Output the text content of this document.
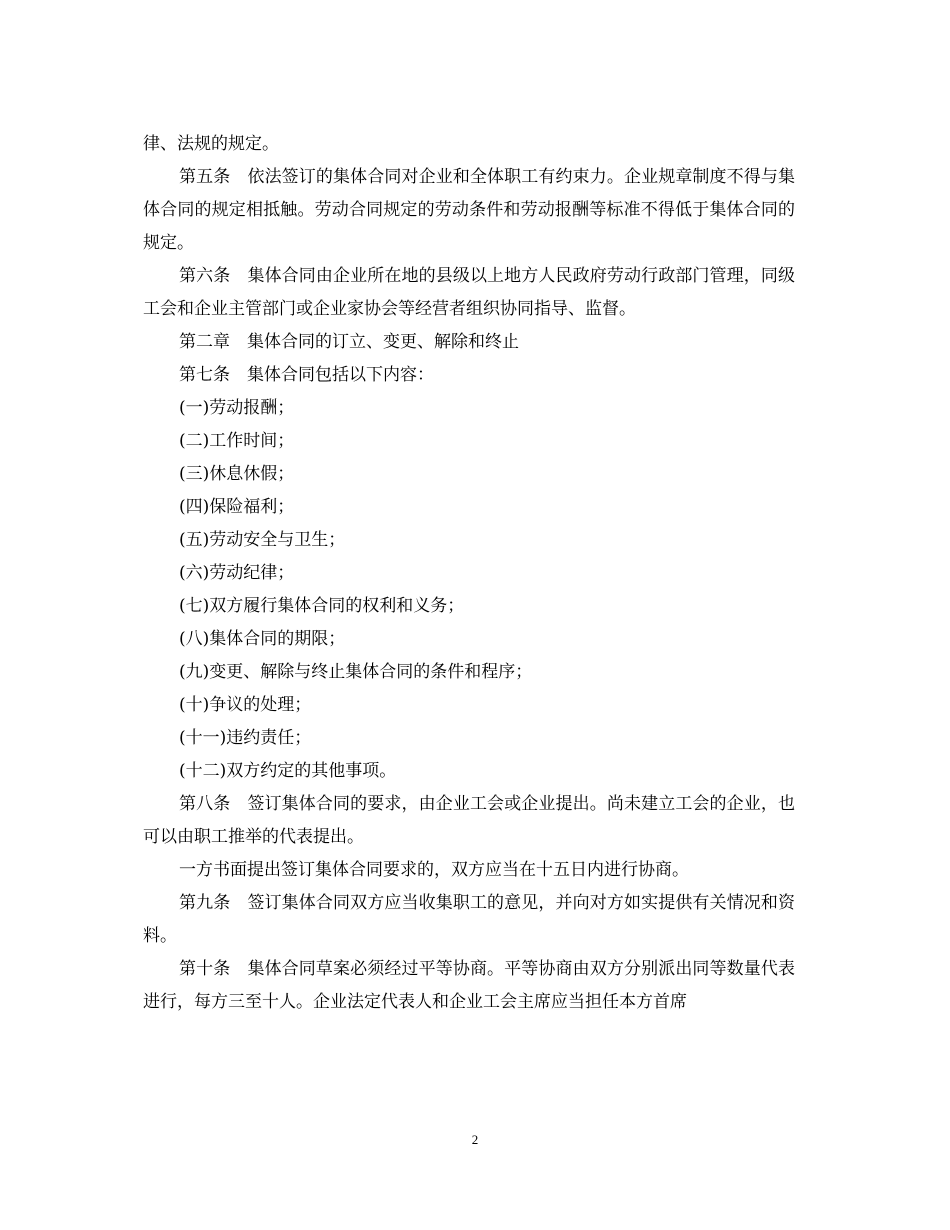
律、法规的规定。

第五条　依法签订的集体合同对企业和全体职工有约束力。企业规章制度不得与集体合同的规定相抵触。劳动合同规定的劳动条件和劳动报酬等标准不得低于集体合同的规定。

第六条　集体合同由企业所在地的县级以上地方人民政府劳动行政部门管理，同级工会和企业主管部门或企业家协会等经营者组织协同指导、监督。

第二章　集体合同的订立、变更、解除和终止

第七条　集体合同包括以下内容：

(一)劳动报酬；

(二)工作时间；

(三)休息休假；

(四)保险福利；

(五)劳动安全与卫生；

(六)劳动纪律；

(七)双方履行集体合同的权利和义务；

(八)集体合同的期限；

(九)变更、解除与终止集体合同的条件和程序；

(十)争议的处理；

(十一)违约责任；

(十二)双方约定的其他事项。

第八条　签订集体合同的要求，由企业工会或企业提出。尚未建立工会的企业，也可以由职工推举的代表提出。

一方书面提出签订集体合同要求的，双方应当在十五日内进行协商。

第九条　签订集体合同双方应当收集职工的意见，并向对方如实提供有关情况和资料。

第十条　集体合同草案必须经过平等协商。平等协商由双方分别派出同等数量代表进行，每方三至十人。企业法定代表人和企业工会主席应当担任本方首席

2
